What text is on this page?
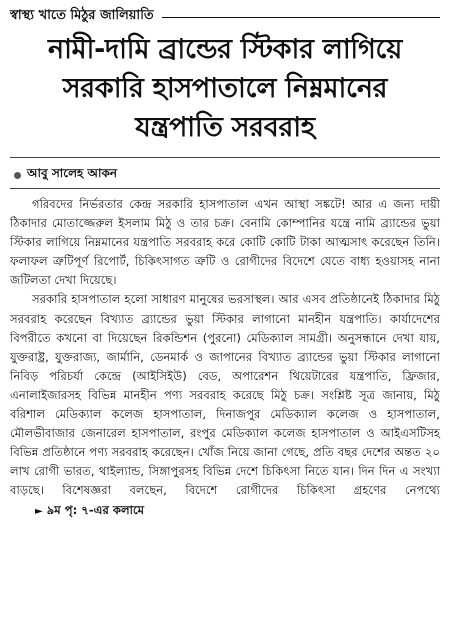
স্বাস্থ্য খাতে মিঠুর জালিয়াতি
নামী-দামি ব্রান্ডের স্টিকার লাগিয়ে
সরকারি হাসপাতালে নিম্নমানের
যন্ত্রপাতি সরবরাহ
আবু সালেহ আকন

গরিবদের নির্ভরতার কেন্দ্র সরকারি হাসপাতাল এখন আস্থা সঙ্কটে! আর এ জন্য দায়ী ঠিকাদার মোতাজ্জেরুল ইসলাম মিঠু ও তার চক্র। বেনামি কোম্পানির যন্ত্রে নামি ব্র্যান্ডের ভুয়া স্টিকার লাগিয়ে নিম্নমানের যন্ত্রপাতি সরবরাহ করে কোটি কোটি টাকা আত্মসাৎ করেছেন তিনি। ফলাফল ত্রুটিপূর্ণ রিপোর্ট, চিকিৎসাগত ত্রুটি ও রোগীদের বিদেশে যেতে বাধ্য হওয়াসহ নানা জটিলতা দেখা দিয়েছে।

সরকারি হাসপাতাল হলো সাধারণ মানুষের ভরসাস্থল। আর এসব প্রতিষ্ঠানেই ঠিকাদার মিঠু সরবরাহ করেছেন বিখ্যাত ব্র্যান্ডের ভুয়া স্টিকার লাগানো মানহীন যন্ত্রপাতি। কার্যাদেশের বিপরীতে কখনো বা দিয়েছেন রিকন্ডিশন (পুরনো) মেডিক্যাল সামগ্রী। অনুসন্ধানে দেখা যায়, যুক্তরাষ্ট্র, যুক্তরাজ্য, জার্মানি, ডেনমার্ক ও জাপানের বিখ্যাত ব্র্যান্ডের ভুয়া স্টিকার লাগানো নিবিড় পরিচর্যা কেন্দ্রে (আইসিইউ) বেড, অপারেশন থিয়েটারের যন্ত্রপাতি, ফ্রিজার, এনালাইজারসহ বিভিন্ন মানহীন পণ্য সরবরাহ করেছে মিঠু চক্র। সংশ্লিষ্ট সূত্র জানায়, মিঠু বরিশাল মেডিক্যাল কলেজ হাসপাতাল, দিনাজপুর মেডিক্যাল কলেজ ও হাসপাতাল, মৌলভীবাজার জেনারেল হাসপাতাল, রংপুর মেডিক্যাল কলেজ হাসপাতাল ও আইএসটিসহ বিভিন্ন প্রতিষ্ঠানে পণ্য সরবরাহ করেছেন। খোঁজ নিয়ে জানা গেছে, প্রতি বছর দেশের অন্তত ২০ লাখ রোগী ভারত, থাইল্যান্ড, সিঙ্গাপুরসহ বিভিন্ন দেশে চিকিৎসা নিতে যান। দিন দিন এ সংখ্যা বাড়ছে। বিশেষজ্ঞরা বলছেন, বিদেশে রোগীদের চিকিৎসা গ্রহণের নেপথ্যে ► ৯ম পৃ: ৭-এর কলামে
